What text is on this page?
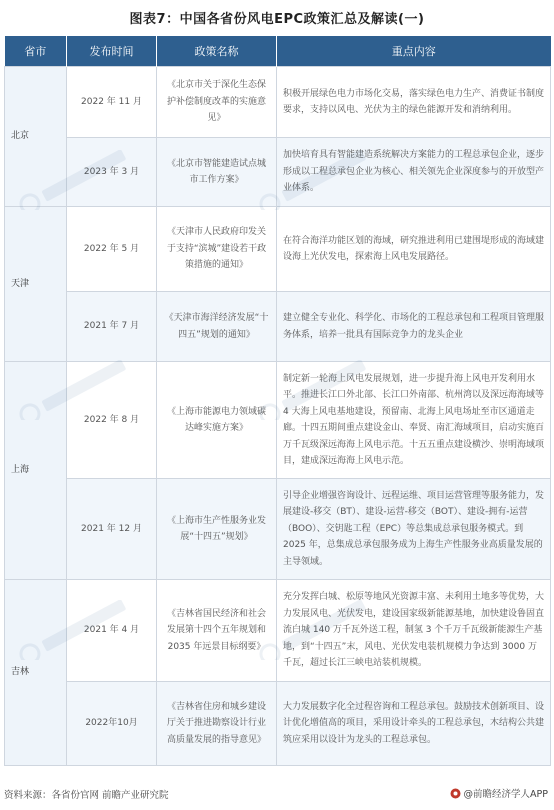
图表7：中国各省份风电EPC政策汇总及解读(一)
省市	发布时间	政策名称	重点内容
北京	2022 年 11 月	《北京市关于深化生态保护补偿制度改革的实施意见》	积极开展绿色电力市场化交易，落实绿色电力生产、消费证书制度要求，支持以风电、光伏为主的绿色能源开发和消纳利用。
	2023 年 3 月	《北京市智能建造试点城市工作方案》	加快培育具有智能建造系统解决方案能力的工程总承包企业，逐步形成以工程总承包企业为核心、相关领先企业深度参与的开放型产业体系。
天津	2022 年 5 月	《天津市人民政府印发关于支持“滨城”建设若干政策措施的通知》	在符合海洋功能区划的海域，研究推进利用已建围堤形成的海域建设海上光伏发电，探索海上风电发展路径。
	2021 年 7 月	《天津市海洋经济发展“十四五”规划的通知》	建立健全专业化、科学化、市场化的工程总承包和工程项目管理服务体系，培养一批具有国际竞争力的龙头企业
上海	2022 年 8 月	《上海市能源电力领域碳达峰实施方案》	制定新一轮海上风电发展规划，进一步提升海上风电开发利用水平。推进长江口外北部、长江口外南部、杭州湾以及深远海海域等 4 大海上风电基地建设，预留南、北海上风电场址至市区通道走廊。十四五期间重点建设金山、奉贤、南汇海域项目，启动实施百万千瓦级深远海海上风电示范。十五五重点建设横沙、崇明海域项目，建成深远海海上风电示范。
	2021 年 12 月	《上海市生产性服务业发展“十四五”规划》	引导企业增强咨询设计、远程运维、项目运营管理等服务能力，发展建设-移交（BT）、建设-运营-移交（BOT）、建设-拥有-运营（BOO）、交钥匙工程（EPC）等总集成总承包服务模式。到 2025 年，总集成总承包服务成为上海生产性服务业高质量发展的主导领域。
吉林	2021 年 4 月	《吉林省国民经济和社会发展第十四个五年规划和 2035 年远景目标纲要》	充分发挥白城、松原等地风光资源丰富、未利用土地多等优势，大力发展风电、光伏发电，建设国家级新能源基地，加快建设鲁固直流白城 140 万千瓦外送工程，制氢 3 个千万千瓦级新能源生产基地，到“十四五”末，风电、光伏发电装机规模力争达到 3000 万千瓦，超过长江三峡电站装机规模。
	2022年10月	《吉林省住房和城乡建设厅关于推进勘察设计行业高质量发展的指导意见》	大力发展数字化全过程咨询和工程总承包。鼓励技术创新项目、设计优化增值高的项目，采用设计牵头的工程总承包，木结构公共建筑应采用以设计为龙头的工程总承包。
资料来源：各省份官网 前瞻产业研究院	@前瞻经济学人APP
